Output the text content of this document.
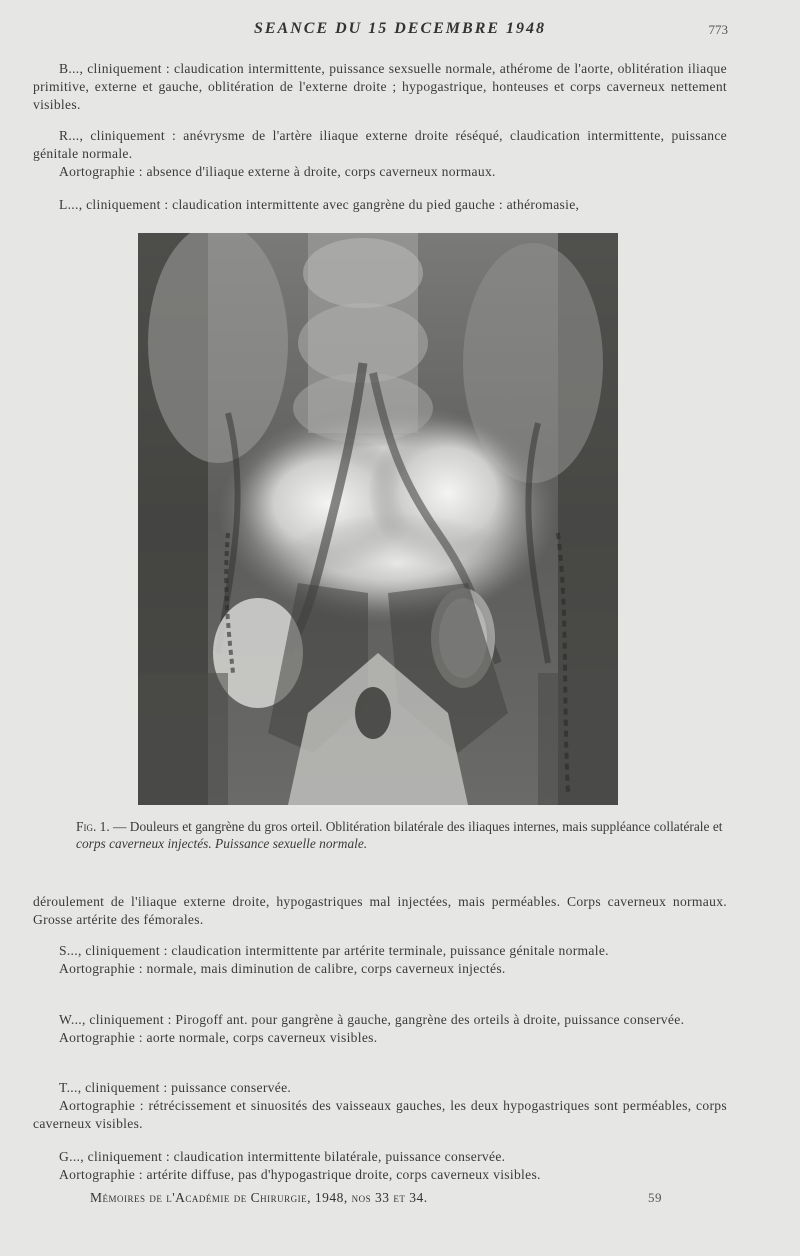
SEANCE DU 15 DECEMBRE 1948	773

B..., cliniquement : claudication intermittente, puissance sexsuelle normale, athérome de l'aorte, oblitération iliaque primitive, externe et gauche, oblitération de l'externe droite ; hypogastrique, honteuses et corps caverneux nettement visibles.

R..., cliniquement : anévrysme de l'artère iliaque externe droite réséqué, claudication intermittente, puissance génitale normale.

Aortographie : absence d'iliaque externe à droite, corps caverneux normaux.

L..., cliniquement : claudication intermittente avec gangrène du pied gauche : athéromasie,

Fig. 1. — Douleurs et gangrène du gros orteil. Oblitération bilatérale des iliaques internes, mais suppléance collatérale et corps caverneux injectés. Puissance sexuelle normale.

déroulement de l'iliaque externe droite, hypogastriques mal injectées, mais perméables. Corps caverneux normaux. Grosse artérite des fémorales.

S..., cliniquement : claudication intermittente par artérite terminale, puissance génitale normale.

Aortographie : normale, mais diminution de calibre, corps caverneux injectés.

W..., cliniquement : Pirogoff ant. pour gangrène à gauche, gangrène des orteils à droite, puissance conservée.

Aortographie : aorte normale, corps caverneux visibles.

T..., cliniquement : puissance conservée.

Aortographie : rétrécissement et sinuosités des vaisseaux gauches, les deux hypogastriques sont perméables, corps caverneux visibles.

G..., cliniquement : claudication intermittente bilatérale, puissance conservée.

Aortographie : artérite diffuse, pas d'hypogastrique droite, corps caverneux visibles.

Mémoires de l'Académie de Chirurgie, 1948, nos 33 et 34.	59
